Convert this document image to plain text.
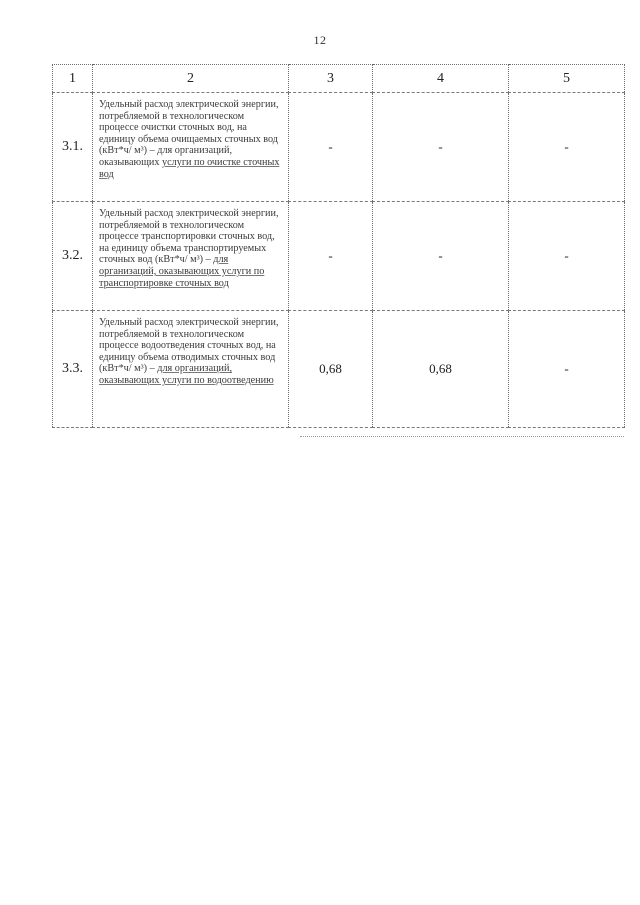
12
1	2	3	4	5
3.1.	Удельный расход электрической энергии, потребляемой в технологическом процессе очистки сточных вод, на единицу объема очищаемых сточных вод (кВт*ч/ м³) – для организаций, оказывающих услуги по очистке сточных вод	-	-	-
3.2.	Удельный расход электрической энергии, потребляемой в технологическом процессе транспортировки сточных вод, на единицу объема транспортируемых сточных вод (кВт*ч/ м³) – для организаций, оказывающих услуги по транспортировке сточных вод	-	-	-
3.3.	Удельный расход электрической энергии, потребляемой в технологическом процессе водоотведения сточных вод, на единицу объема отводимых сточных вод (кВт*ч/ м³) – для организаций, оказывающих услуги по водоотведению	0,68	0,68	-
